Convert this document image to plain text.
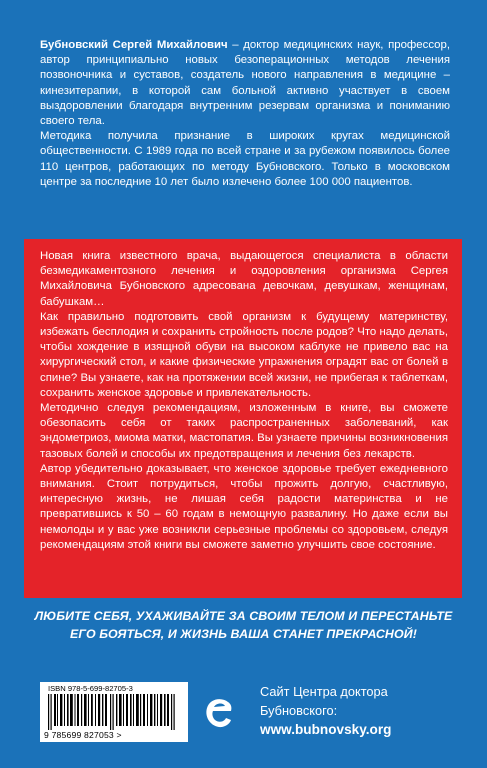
Бубновский Сергей Михайлович – доктор медицинских наук, профессор, автор принципиально новых безоперационных методов лечения позвоночника и суставов, создатель нового направления в медицине – кинезитерапии, в которой сам больной активно участвует в своем выздоровлении благодаря внутренним резервам организма и пониманию своего тела.

Методика получила признание в широких кругах медицинской общественности. С 1989 года по всей стране и за рубежом появилось более 110 центров, работающих по методу Бубновского. Только в московском центре за последние 10 лет было излечено более 100 000 пациентов.

Новая книга известного врача, выдающегося специалиста в области безмедикаментозного лечения и оздоровления организма Сергея Михайловича Бубновского адресована девочкам, девушкам, женщинам, бабушкам…

Как правильно подготовить свой организм к будущему материнству, избежать бесплодия и сохранить стройность после родов? Что надо делать, чтобы хождение в изящной обуви на высоком каблуке не привело вас на хирургический стол, и какие физические упражнения оградят вас от болей в спине? Вы узнаете, как на протяжении всей жизни, не прибегая к таблеткам, сохранить женское здоровье и привлекательность.

Методично следуя рекомендациям, изложенным в книге, вы сможете обезопасить себя от таких распространенных заболеваний, как эндометриоз, миома матки, мастопатия. Вы узнаете причины возникновения тазовых болей и способы их предотвращения и лечения без лекарств.

Автор убедительно доказывает, что женское здоровье требует ежедневного внимания. Стоит потрудиться, чтобы прожить долгую, счастливую, интересную жизнь, не лишая себя радости материнства и не превратившись к 50 – 60 годам в немощную развалину. Но даже если вы немолоды и у вас уже возникли серьезные проблемы со здоровьем, следуя рекомендациям этой книги вы сможете заметно улучшить свое состояние.

ЛЮБИТЕ СЕБЯ, УХАЖИВАЙТЕ ЗА СВОИМ ТЕЛОМ И ПЕРЕСТАНЬТЕ
ЕГО БОЯТЬСЯ, И ЖИЗНЬ ВАША СТАНЕТ ПРЕКРАСНОЙ!
ISBN 978-5-699-82705-3
9 785699 827053 >
Сайт Центра доктора
Бубновского:
www.bubnovsky.org
